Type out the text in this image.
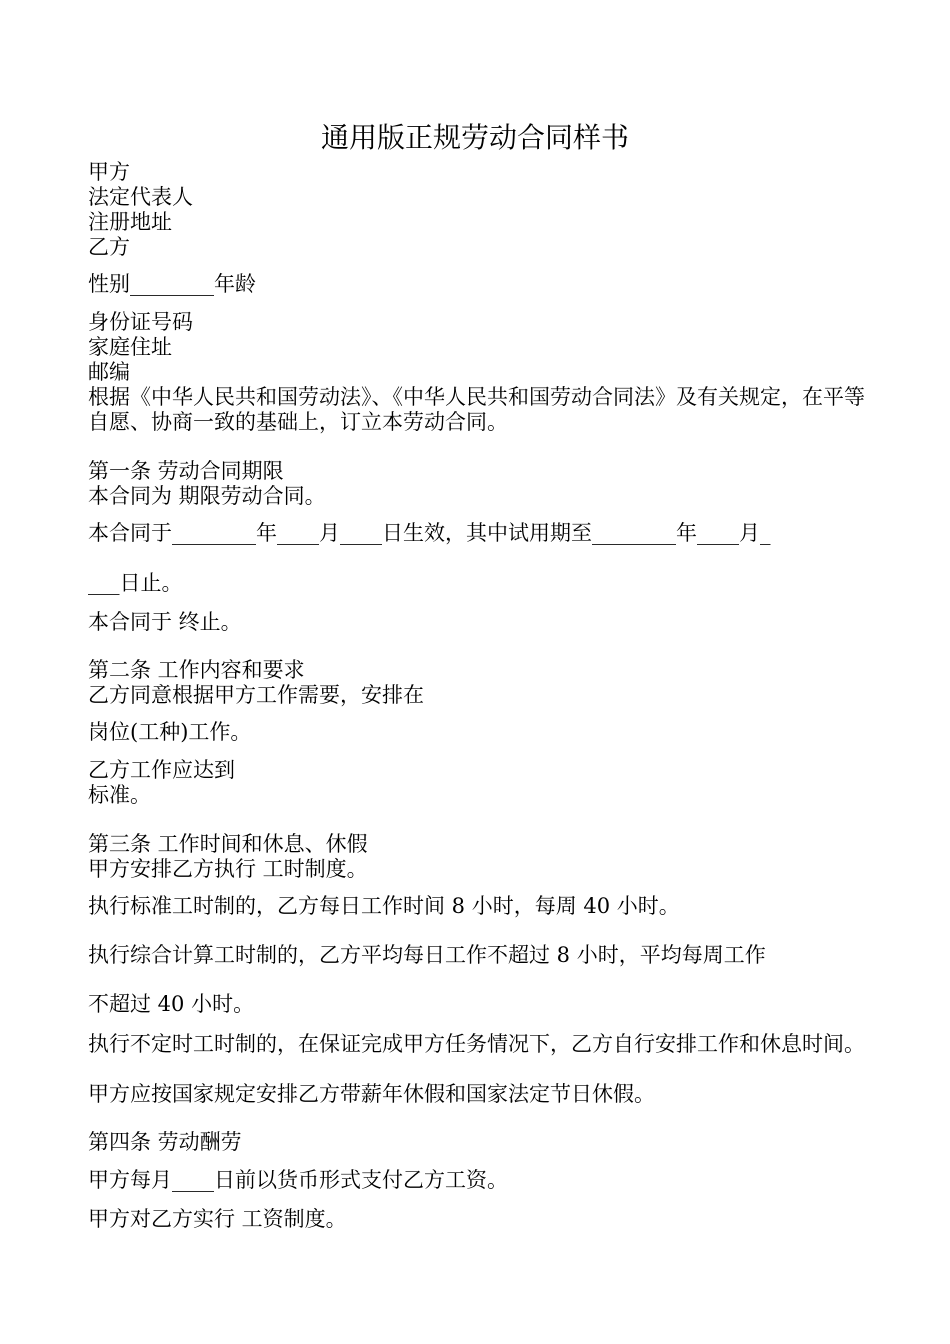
通用版正规劳动合同样书

甲方

法定代表人

注册地址

乙方

性别________年龄

身份证号码

家庭住址

邮编

根据《中华人民共和国劳动法》、《中华人民共和国劳动合同法》及有关规定，在平等自愿、协商一致的基础上，订立本劳动合同。

第一条 劳动合同期限

本合同为 期限劳动合同。

本合同于________年____月____日生效，其中试用期至________年____月_

___日止。

本合同于 终止。

第二条 工作内容和要求

乙方同意根据甲方工作需要，安排在

岗位(工种)工作。

乙方工作应达到

标准。

第三条 工作时间和休息、休假

甲方安排乙方执行 工时制度。

执行标准工时制的，乙方每日工作时间 8 小时，每周 40 小时。

执行综合计算工时制的，乙方平均每日工作不超过 8 小时，平均每周工作

不超过 40 小时。

执行不定时工时制的，在保证完成甲方任务情况下，乙方自行安排工作和休息时间。

甲方应按国家规定安排乙方带薪年休假和国家法定节日休假。

第四条 劳动酬劳

甲方每月____日前以货币形式支付乙方工资。

甲方对乙方实行 工资制度。
